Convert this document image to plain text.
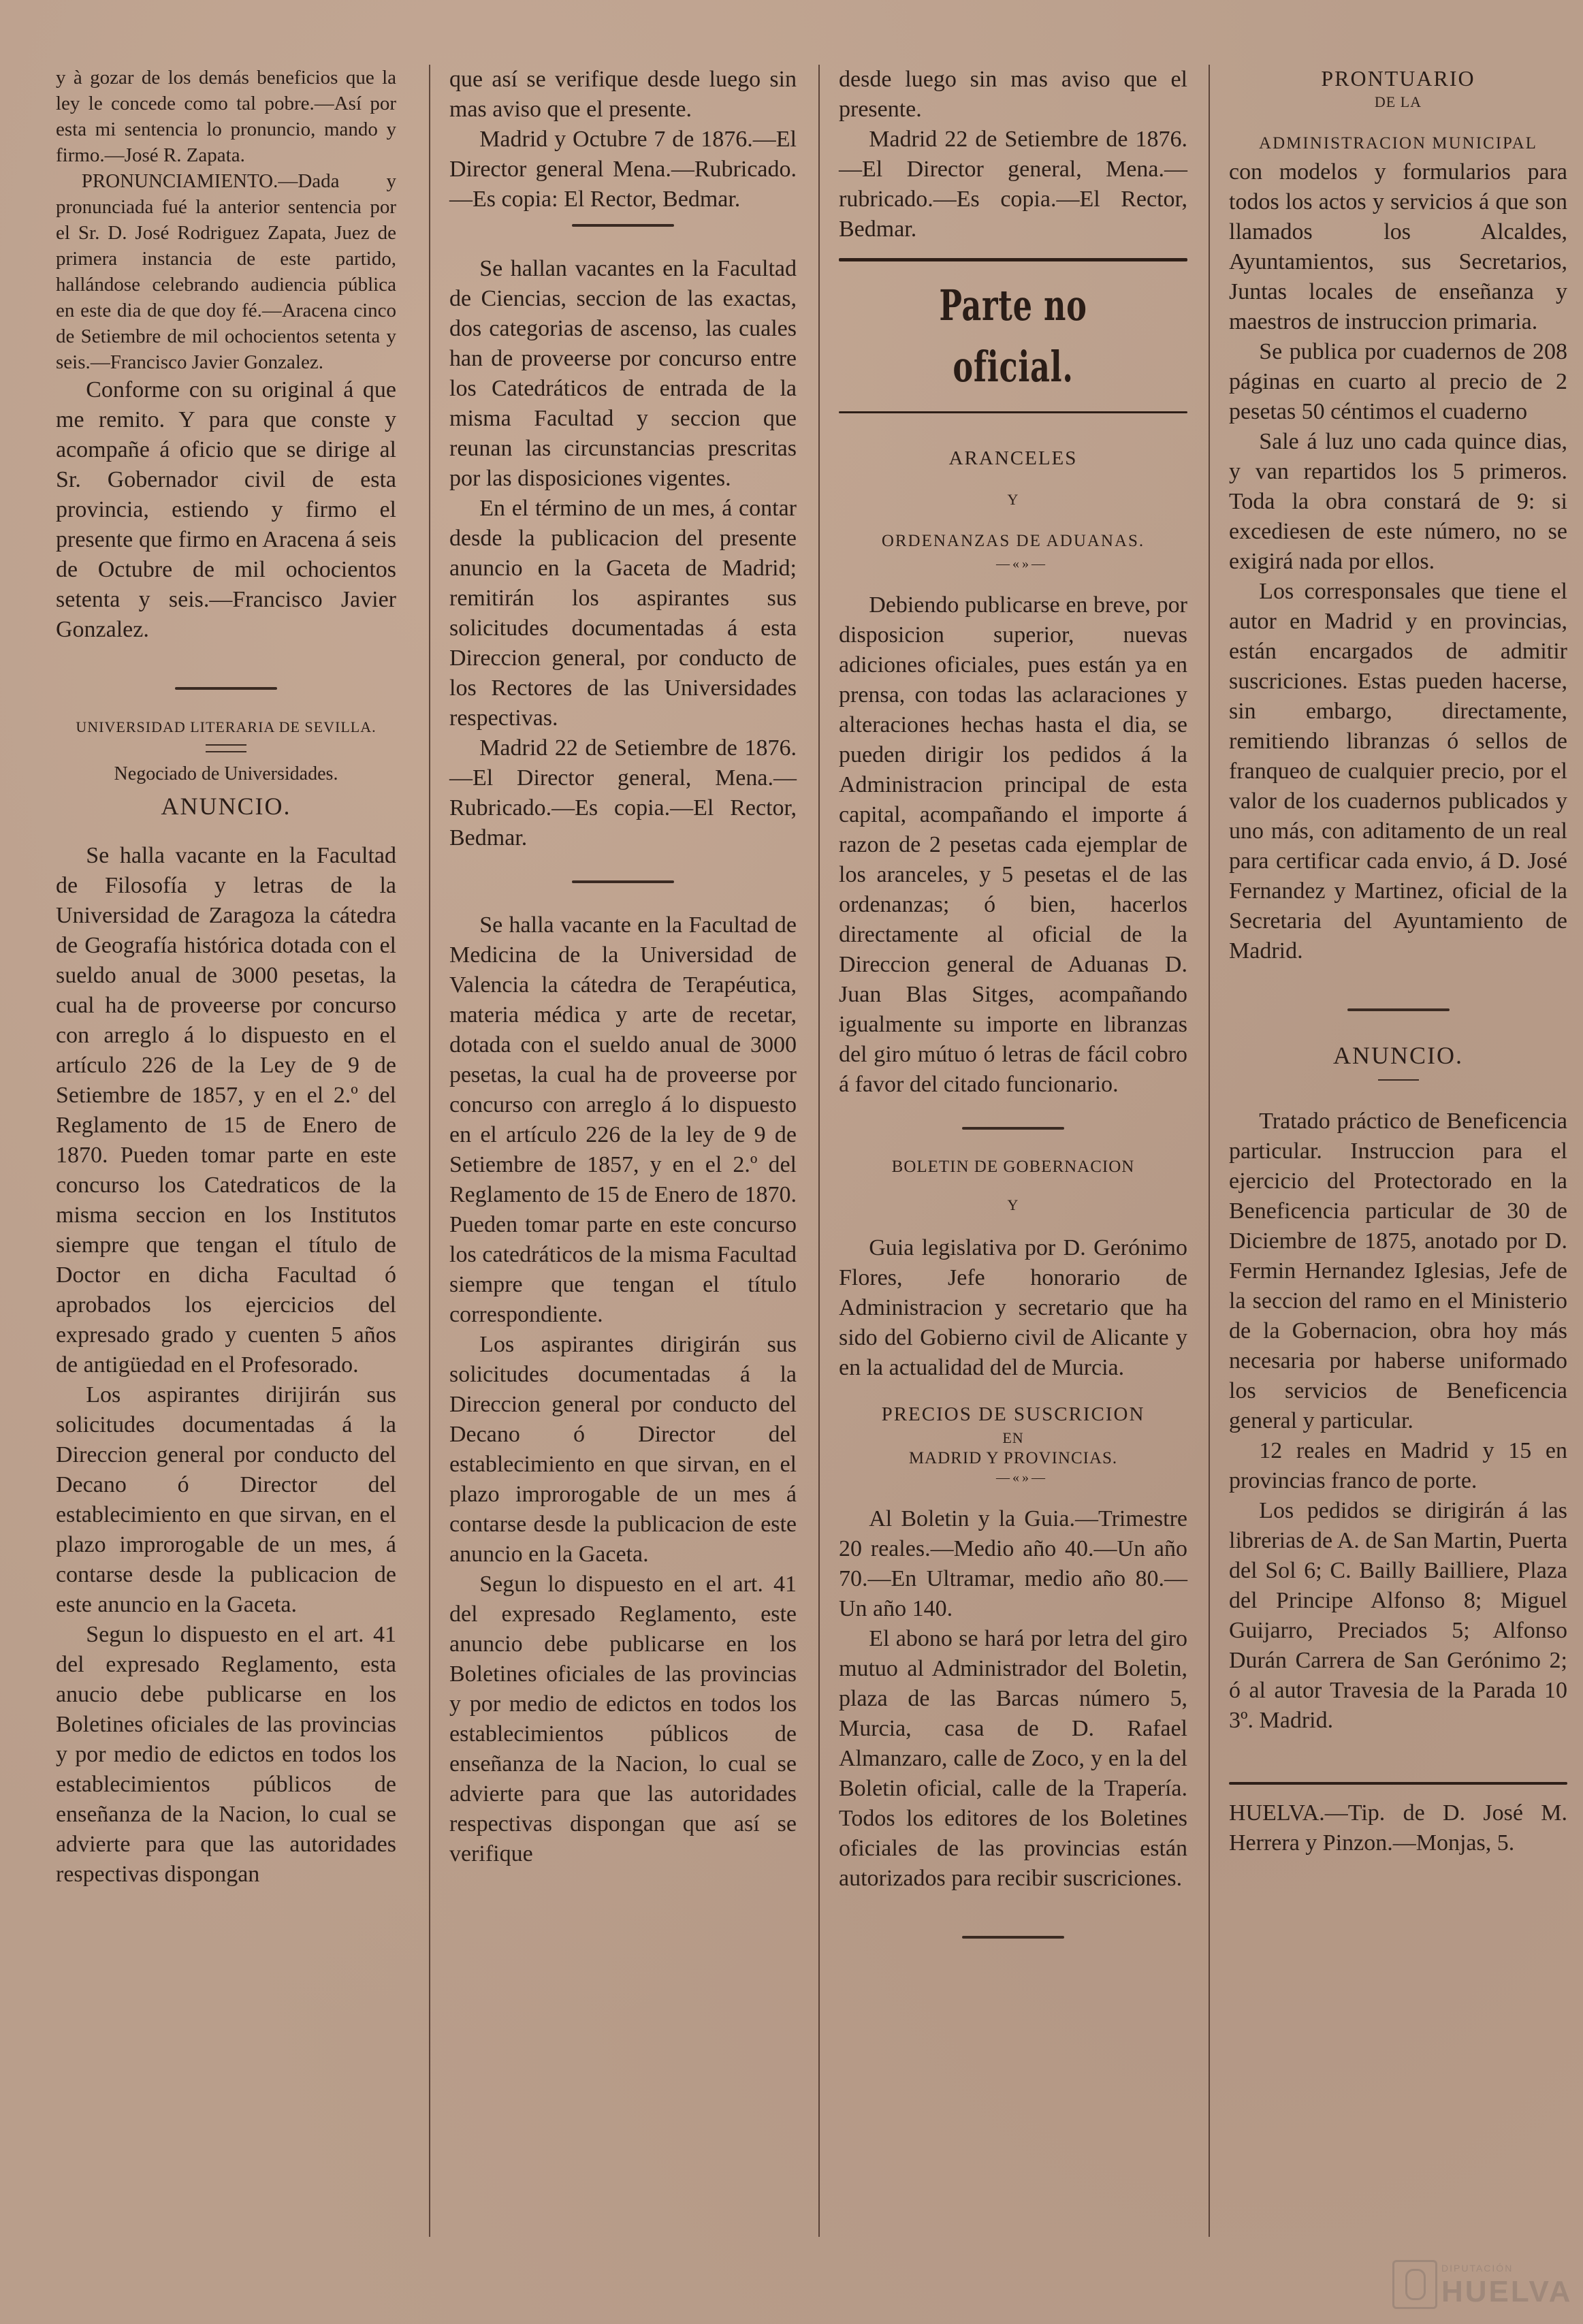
y à gozar de los demás beneficios que la ley le concede como tal pobre.—Así por esta mi sentencia lo pronuncio, mando y firmo.—José R. Zapata.

PRONUNCIAMIENTO.—Dada y pronunciada fué la anterior sentencia por el Sr. D. José Rodriguez Zapata, Juez de primera instancia de este partido, hallándose celebrando audiencia pública en este dia de que doy fé.—Aracena cinco de Setiembre de mil ochocientos setenta y seis.—Francisco Javier Gonzalez.

Conforme con su original á que me remito. Y para que conste y acompañe á oficio que se dirige al Sr. Gobernador civil de esta provincia, estiendo y firmo el presente que firmo en Aracena á seis de Octubre de mil ochocientos setenta y seis.—Francisco Javier Gonzalez.

UNIVERSIDAD LITERARIA DE SEVILLA.

Negociado de Universidades.

ANUNCIO.

Se halla vacante en la Facultad de Filosofía y letras de la Universidad de Zaragoza la cátedra de Geografía histórica dotada con el sueldo anual de 3000 pesetas, la cual ha de proveerse por concurso con arreglo á lo dispuesto en el artículo 226 de la Ley de 9 de Setiembre de 1857, y en el 2.º del Reglamento de 15 de Enero de 1870. Pueden tomar parte en este concurso los Catedraticos de la misma seccion en los Institutos siempre que tengan el título de Doctor en dicha Facultad ó aprobados los ejercicios del expresado grado y cuenten 5 años de antigüedad en el Profesorado.

Los aspirantes dirijirán sus solicitudes documentadas á la Direccion general por conducto del Decano ó Director del establecimiento en que sirvan, en el plazo improrogable de un mes, á contarse desde la publicacion de este anuncio en la Gaceta.

Segun lo dispuesto en el art. 41 del expresado Reglamento, esta anucio debe publicarse en los Boletines oficiales de las provincias y por medio de edictos en todos los establecimientos públicos de enseñanza de la Nacion, lo cual se advierte para que las autoridades respectivas dispongan

que así se verifique desde luego sin mas aviso que el presente.

Madrid y Octubre 7 de 1876.—El Director general Mena.—Rubricado.—Es copia: El Rector, Bedmar.

Se hallan vacantes en la Facultad de Ciencias, seccion de las exactas, dos categorias de ascenso, las cuales han de proveerse por concurso entre los Catedráticos de entrada de la misma Facultad y seccion que reunan las circunstancias prescritas por las disposiciones vigentes.

En el término de un mes, á contar desde la publicacion del presente anuncio en la Gaceta de Madrid; remitirán los aspirantes sus solicitudes documentadas á esta Direccion general, por conducto de los Rectores de las Universidades respectivas.

Madrid 22 de Setiembre de 1876.—El Director general, Mena.—Rubricado.—Es copia.—El Rector, Bedmar.

Se halla vacante en la Facultad de Medicina de la Universidad de Valencia la cátedra de Terapéutica, materia médica y arte de recetar, dotada con el sueldo anual de 3000 pesetas, la cual ha de proveerse por concurso con arreglo á lo dispuesto en el artículo 226 de la ley de 9 de Setiembre de 1857, y en el 2.º del Reglamento de 15 de Enero de 1870. Pueden tomar parte en este concurso los catedráticos de la misma Facultad siempre que tengan el título correspondiente.

Los aspirantes dirigirán sus solicitudes documentadas á la Direccion general por conducto del Decano ó Director del establecimiento en que sirvan, en el plazo improrogable de un mes á contarse desde la publicacion de este anuncio en la Gaceta.

Segun lo dispuesto en el art. 41 del expresado Reglamento, este anuncio debe publicarse en los Boletines oficiales de las provincias y por medio de edictos en todos los establecimientos públicos de enseñanza de la Nacion, lo cual se advierte para que las autoridades respectivas dispongan que así se verifique

desde luego sin mas aviso que el presente.

Madrid 22 de Setiembre de 1876.—El Director general, Mena.—rubricado.—Es copia.—El Rector, Bedmar.

Parte no oficial.

ARANCELES

Y

ORDENANZAS DE ADUANAS.

—«»—

Debiendo publicarse en breve, por disposicion superior, nuevas adiciones oficiales, pues están ya en prensa, con todas las aclaraciones y alteraciones hechas hasta el dia, se pueden dirigir los pedidos á la Administracion principal de esta capital, acompañando el importe á razon de 2 pesetas cada ejemplar de los aranceles, y 5 pesetas el de las ordenanzas; ó bien, hacerlos directamente al oficial de la Direccion general de Aduanas D. Juan Blas Sitges, acompañando igualmente su importe en libranzas del giro mútuo ó letras de fácil cobro á favor del citado funcionario.

BOLETIN DE GOBERNACION

Y

Guia legislativa por D. Gerónimo Flores, Jefe honorario de Administracion y secretario que ha sido del Gobierno civil de Alicante y en la actualidad del de Murcia.

PRECIOS DE SUSCRICION

EN

MADRID Y PROVINCIAS.

—«»—

Al Boletin y la Guia.—Trimestre 20 reales.—Medio año 40.—Un año 70.—En Ultramar, medio año 80.—Un año 140.

El abono se hará por letra del giro mutuo al Administrador del Boletin, plaza de las Barcas número 5, Murcia, casa de D. Rafael Almanzaro, calle de Zoco, y en la del Boletin oficial, calle de la Trapería. Todos los editores de los Boletines oficiales de las provincias están autorizados para recibir suscriciones.

PRONTUARIO

DE LA

ADMINISTRACION MUNICIPAL

con modelos y formularios para todos los actos y servicios á que son llamados los Alcaldes, Ayuntamientos, sus Secretarios, Juntas locales de enseñanza y maestros de instruccion primaria.

Se publica por cuadernos de 208 páginas en cuarto al precio de 2 pesetas 50 céntimos el cuaderno

Sale á luz uno cada quince dias, y van repartidos los 5 primeros. Toda la obra constará de 9: si excediesen de este número, no se exigirá nada por ellos.

Los corresponsales que tiene el autor en Madrid y en provincias, están encargados de admitir suscriciones. Estas pueden hacerse, sin embargo, directamente, remitiendo libranzas ó sellos de franqueo de cualquier precio, por el valor de los cuadernos publicados y uno más, con aditamento de un real para certificar cada envio, á D. José Fernandez y Martinez, oficial de la Secretaria del Ayuntamiento de Madrid.

ANUNCIO.

Tratado práctico de Beneficencia particular. Instruccion para el ejercicio del Protectorado en la Beneficencia particular de 30 de Diciembre de 1875, anotado por D. Fermin Hernandez Iglesias, Jefe de la seccion del ramo en el Ministerio de la Gobernacion, obra hoy más necesaria por haberse uniformado los servicios de Beneficencia general y particular.

12 reales en Madrid y 15 en provincias franco de porte.

Los pedidos se dirigirán á las librerias de A. de San Martin, Puerta del Sol 6; C. Bailly Bailliere, Plaza del Principe Alfonso 8; Miguel Guijarro, Preciados 5; Alfonso Durán Carrera de San Gerónimo 2; ó al autor Travesia de la Parada 10 3º. Madrid.

HUELVA.—Tip. de D. José M. Herrera y Pinzon.—Monjas, 5.

DIPUTACIÓN
HUELVA
